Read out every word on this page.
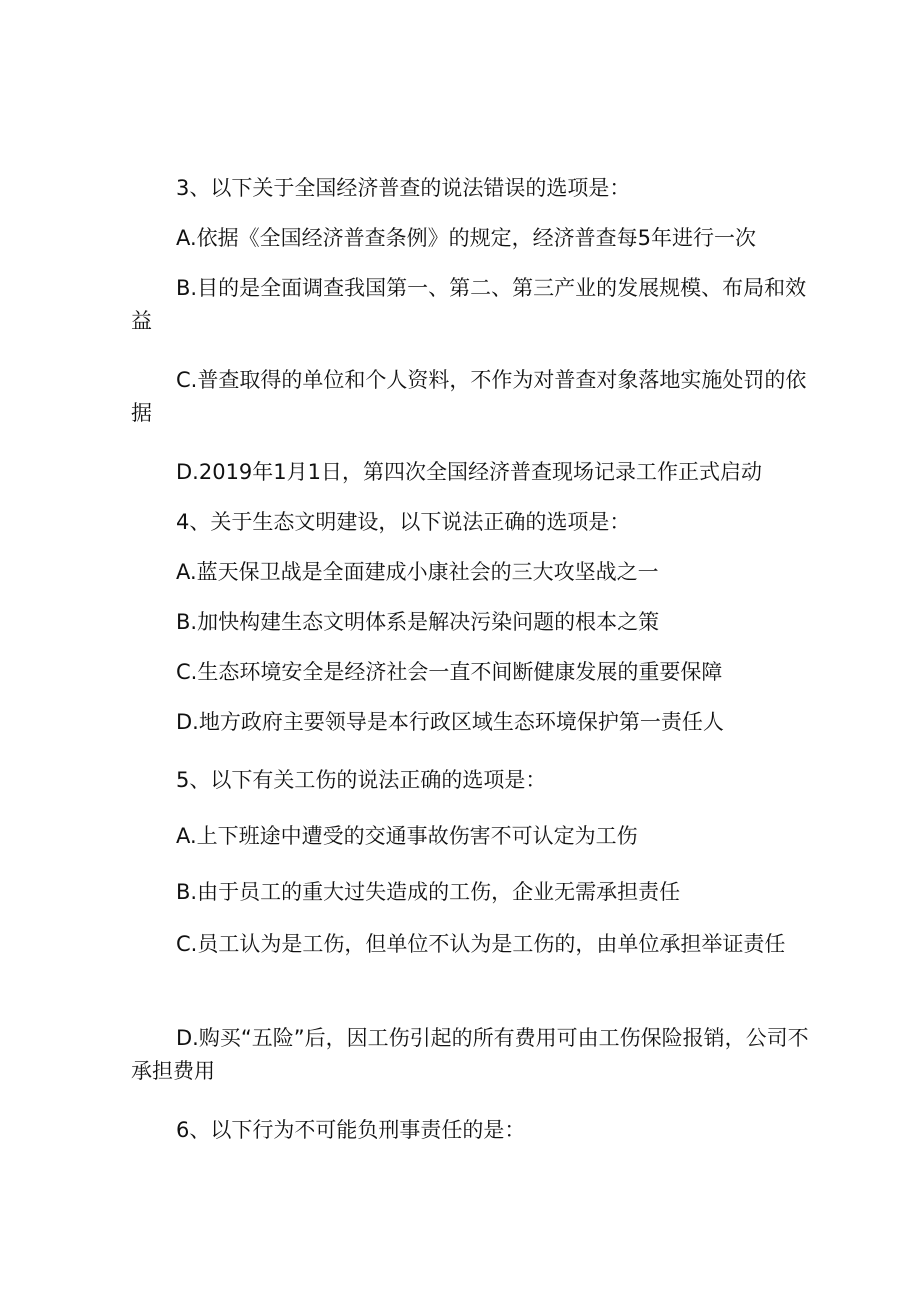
3、以下关于全国经济普查的说法错误的选项是：

A.依据《全国经济普查条例》的规定，经济普查每5年进行一次

B.目的是全面调查我国第一、第二、第三产业的发展规模、布局和效益

C.普查取得的单位和个人资料，不作为对普查对象落地实施处罚的依据

D.2019年1月1日，第四次全国经济普查现场记录工作正式启动

4、关于生态文明建设，以下说法正确的选项是：

A.蓝天保卫战是全面建成小康社会的三大攻坚战之一

B.加快构建生态文明体系是解决污染问题的根本之策

C.生态环境安全是经济社会一直不间断健康发展的重要保障

D.地方政府主要领导是本行政区域生态环境保护第一责任人

5、以下有关工伤的说法正确的选项是：

A.上下班途中遭受的交通事故伤害不可认定为工伤

B.由于员工的重大过失造成的工伤，企业无需承担责任

C.员工认为是工伤，但单位不认为是工伤的，由单位承担举证责任

D.购买“五险”后，因工伤引起的所有费用可由工伤保险报销，公司不承担费用

6、以下行为不可能负刑事责任的是：
